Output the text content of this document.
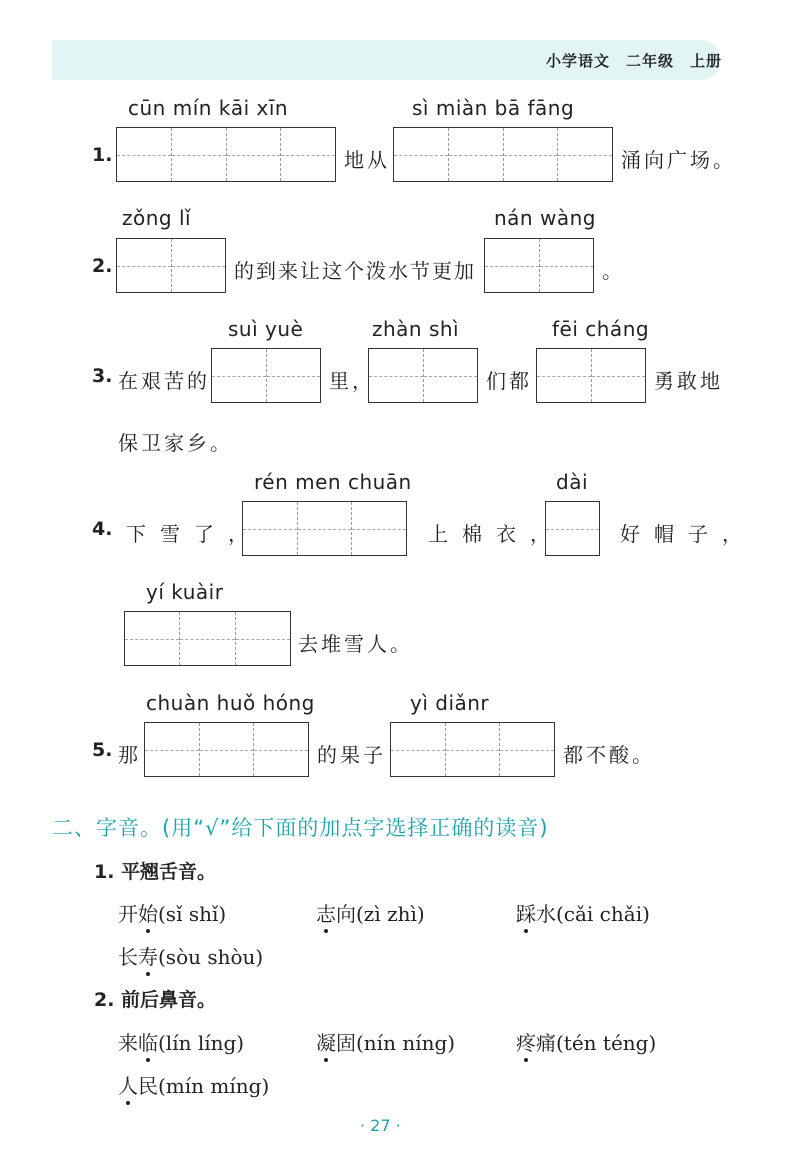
小学语文　二年级　上册
cūn mín kāi xīn	sì miàn bā fāng
1.	地从	涌向广场。
zǒng lǐ	nán wàng
2.	的到来让这个泼水节更加	。
suì yuè	zhàn shì	fēi cháng
3. 在艰苦的	里，	们都	勇敢地
保卫家乡。
rén men chuān	dài
4. 下雪了，	上棉衣，	好帽子，
yí kuàir
去堆雪人。
chuàn huǒ hóng	yì diǎnr
5. 那	的果子	都不酸。
二、字音。(用“√”给下面的加点字选择正确的读音)
1. 平翘舌音。
开始(sǐ shǐ)	志向(zì zhì)	踩水(cǎi chǎi)
长寿(sòu shòu)
2. 前后鼻音。
来临(lín líng)	凝固(nín níng)	疼痛(tén téng)
人民(mín míng)
· 27 ·
